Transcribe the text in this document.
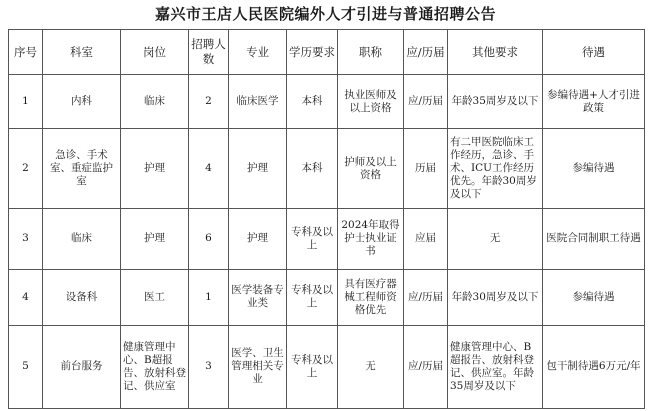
嘉兴市王店人民医院编外人才引进与普通招聘公告
序号	科室	岗位	招聘人数	专业	学历要求	职称	应/历届	其他要求	待遇
1	内科	临床	2	临床医学	本科	执业医师及以上资格	应/历届	年龄35周岁及以下	参编待遇+人才引进政策
2	急诊、手术室、重症监护室	护理	4	护理	本科	护师及以上资格	历届	有二甲医院临床工作经历，急诊、手术、ICU工作经历优先。年龄30周岁及以下	参编待遇
3	临床	护理	6	护理	专科及以上	2024年取得护士执业证书	应届	无	医院合同制职工待遇
4	设备科	医工	1	医学装备专业类	专科及以上	具有医疗器械工程师资格优先	应/历届	年龄30周岁及以下	参编待遇
5	前台服务	健康管理中心、B超报告、放射科登记、供应室	3	医学、卫生管理相关专业	专科及以上	无	应/历届	健康管理中心、B超报告、放射科登记、供应室。年龄35周岁及以下	包干制待遇6万元/年
